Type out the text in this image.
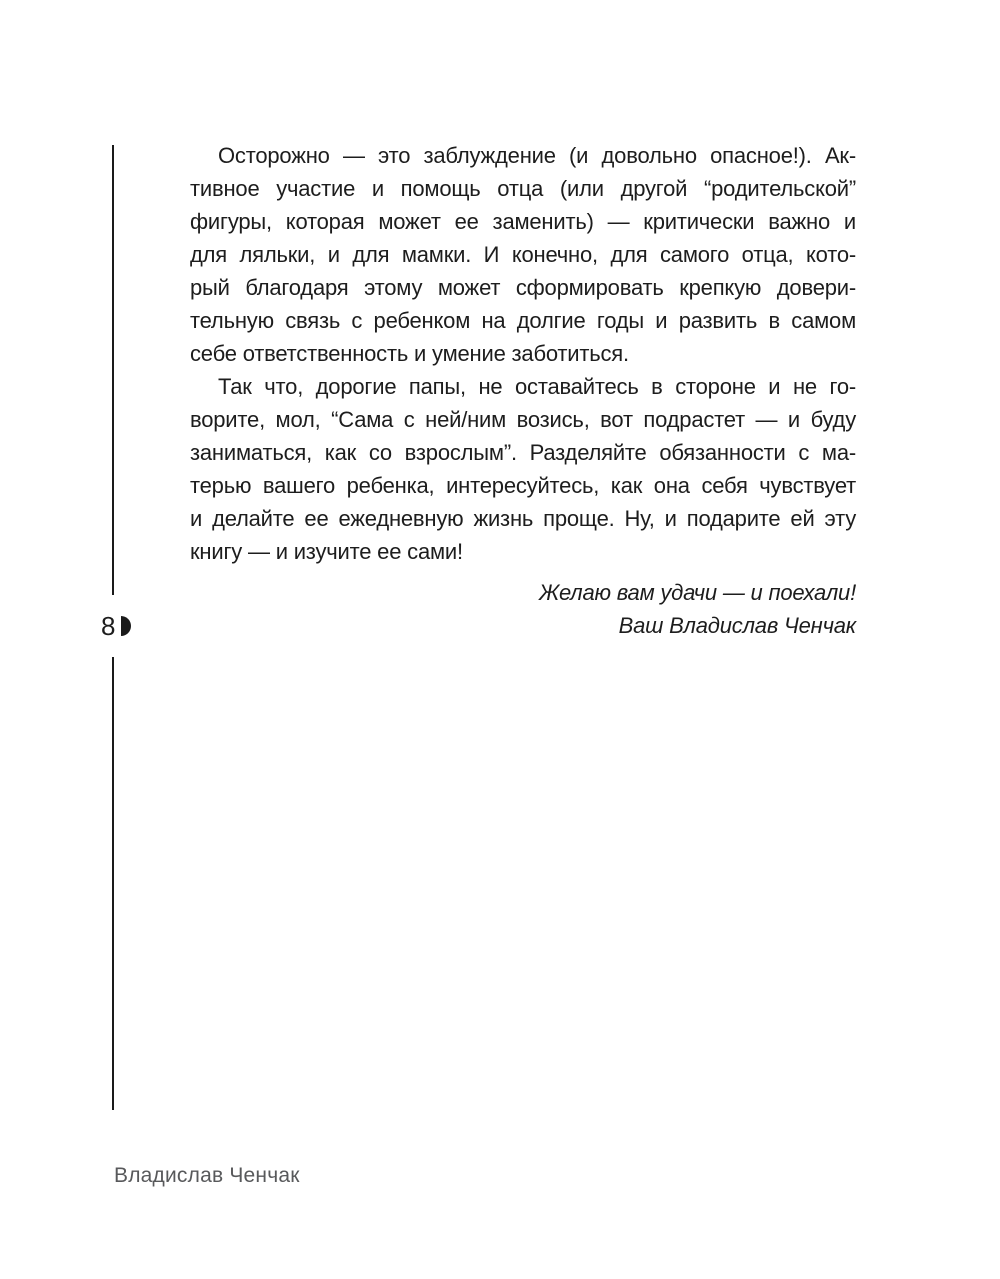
8
Осторожно — это заблуждение (и довольно опасное!). Ак-
тивное участие и помощь отца (или другой “родительской”
фигуры, которая может ее заменить) — критически важно и
для ляльки, и для мамки. И конечно, для самого отца, кото-
рый благодаря этому может сформировать крепкую довери-
тельную связь с ребенком на долгие годы и развить в самом
себе ответственность и умение заботиться.
Так что, дорогие папы, не оставайтесь в стороне и не го-
ворите, мол, “Сама с ней/ним возись, вот подрастет — и буду
заниматься, как со взрослым”. Разделяйте обязанности с ма-
терью вашего ребенка, интересуйтесь, как она себя чувствует
и делайте ее ежедневную жизнь проще. Ну, и подарите ей эту
книгу — и изучите ее сами!
Желаю вам удачи — и поехали!
Ваш Владислав Ченчак
Владислав Ченчак
